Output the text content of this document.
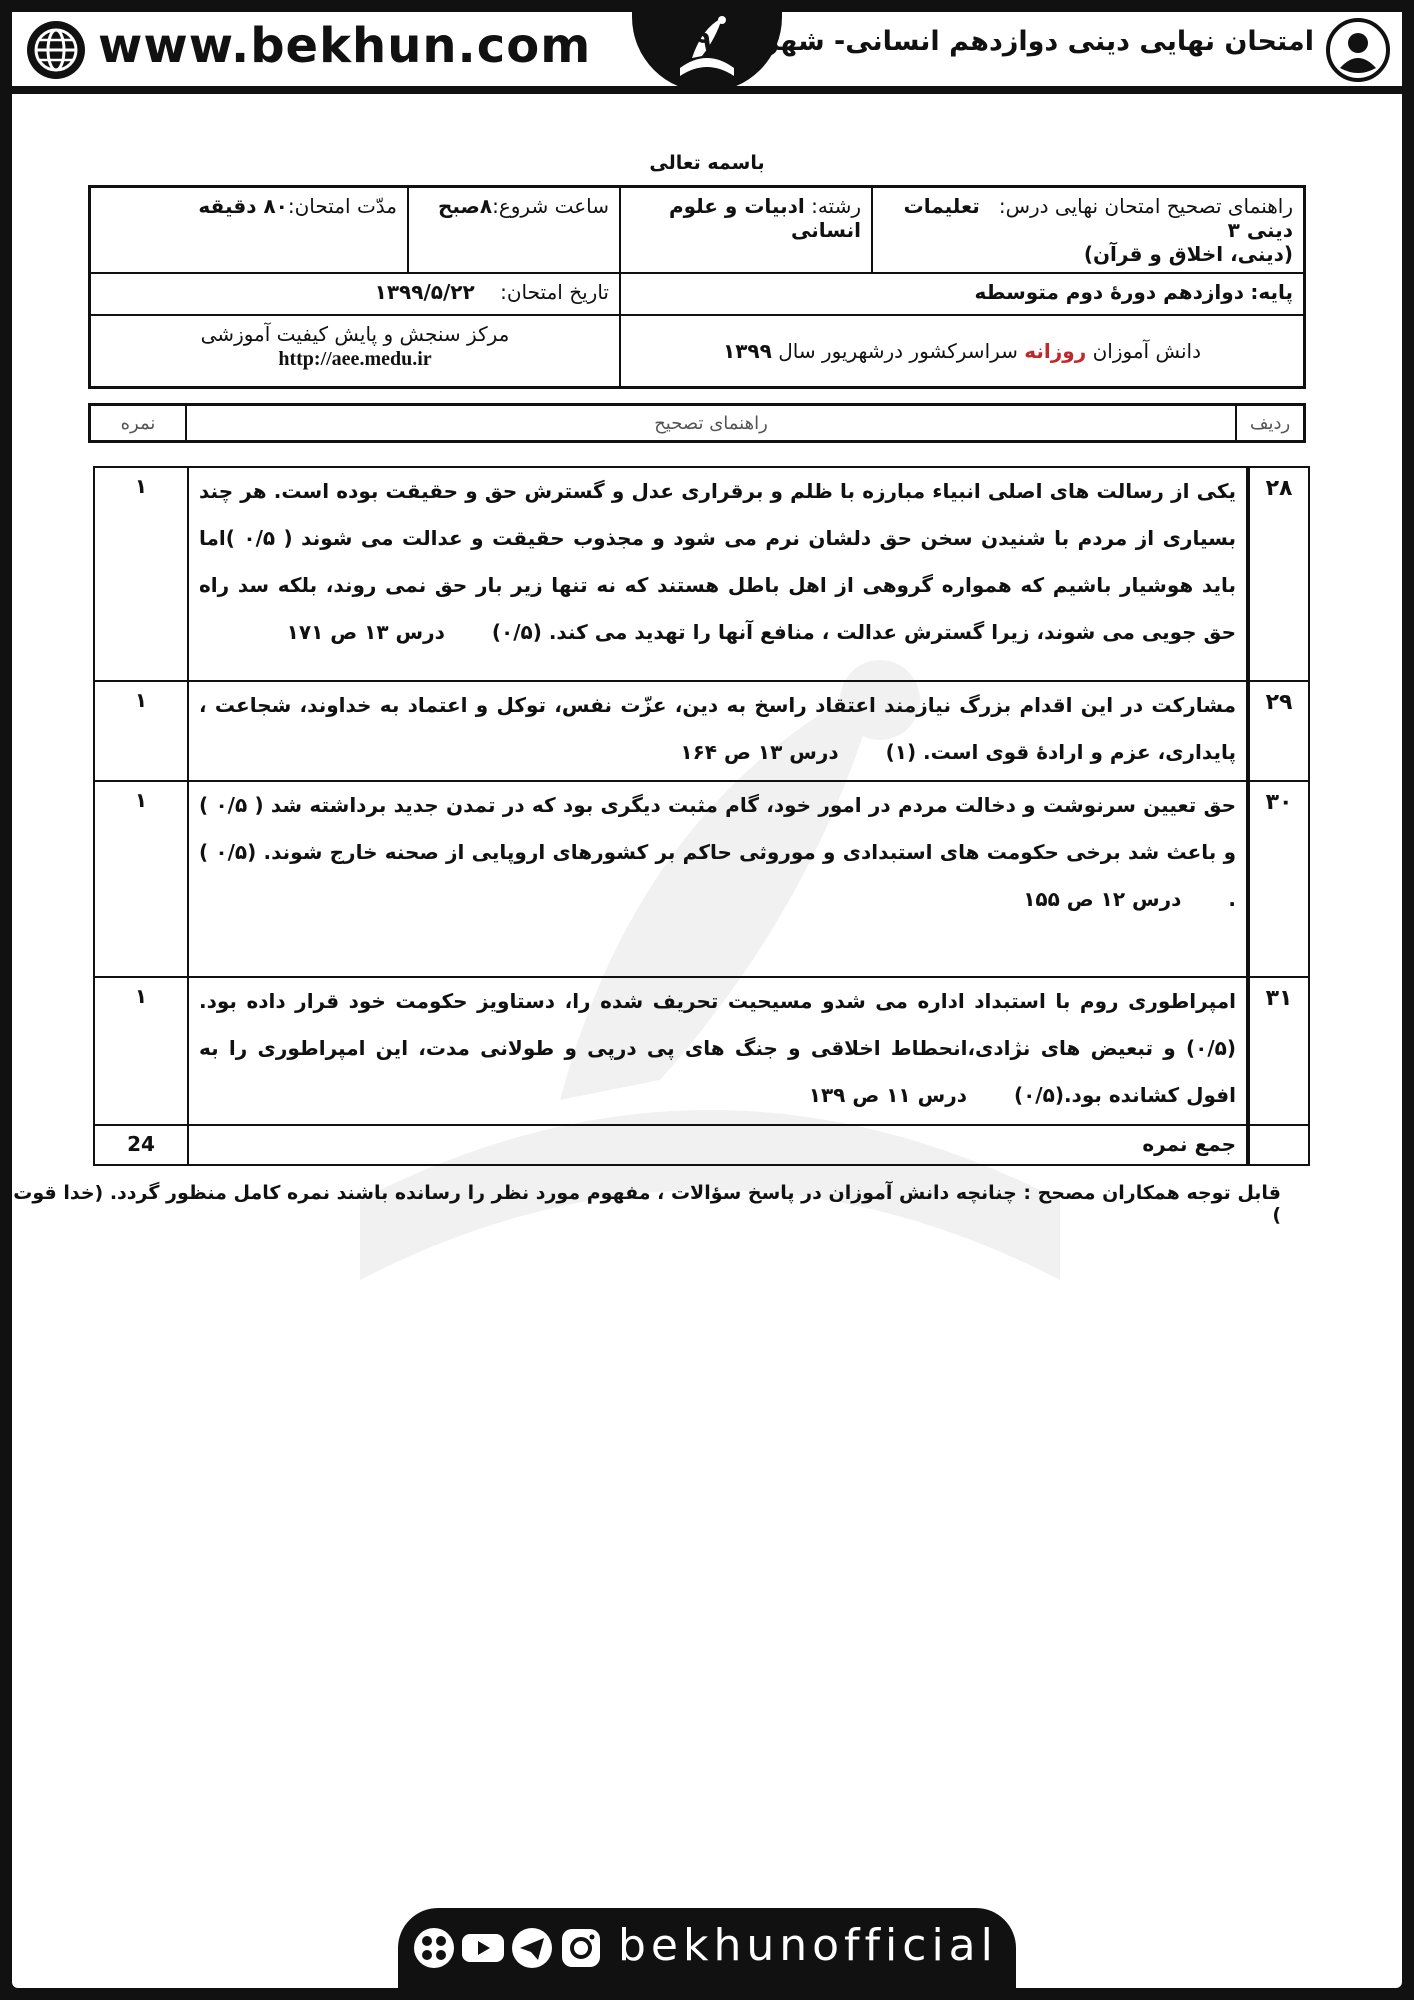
www.bekhun.com امتحان نهایی دینی دوازدهم انسانی- شهریور ۱۳۹۹
باسمه تعالی
راهنمای تصحیح امتحان نهایی درس:   تعلیمات دینی ۳
(دینی، اخلاق و قرآن)	رشته: ادبیات و علوم انسانی	ساعت شروع:۸صبح	مدّت امتحان:۸۰ دقیقه
پایه: دوازدهم دورهٔ دوم متوسطه		تاریخ امتحان:    ۱۳۹۹/۵/۲۲	
دانش آموزان روزانه سراسرکشور درشهریور سال ۱۳۹۹		مرکز سنجش و پایش کیفیت آموزشی
http://aee.medu.ir	
ردیف	راهنمای تصحیح	نمره
۲۸	یکی از رسالت های اصلی انبیاء مبارزه با ظلم و برقراری عدل و گسترش حق و حقیقت بوده است. هر چند بسیاری از مردم با شنیدن سخن حق دلشان نرم می شود و مجذوب حقیقت و عدالت می شوند ( ۰/۵ )اما باید هوشیار باشیم که همواره گروهی از اهل باطل هستند که نه تنها زیر بار حق نمی روند، بلکه سد راه حق جویی می شوند، زیرا گسترش عدالت ، منافع آنها را تهدید می کند. (۰/۵) درس ۱۳ ص ۱۷۱	۱
۲۹	مشارکت در این اقدام بزرگ نیازمند اعتقاد راسخ به دین، عزّت نفس، توکل و اعتماد به خداوند، شجاعت ، پایداری، عزم و ارادهٔ قوی است. (۱) درس ۱۳ ص ۱۶۴	۱
۳۰	حق تعیین سرنوشت و دخالت مردم در امور خود، گام مثبت دیگری بود که در تمدن جدید برداشته شد ( ۰/۵ ) و باعث شد برخی حکومت های استبدادی و موروثی حاکم بر کشورهای اروپایی از صحنه خارج شوند. (۰/۵ ) . درس ۱۲ ص ۱۵۵	۱
۳۱	امپراطوری روم با استبداد اداره می شدو مسیحیت تحریف شده را، دستاویز حکومت خود قرار داده بود. (۰/۵) و تبعیض های نژادی،انحطاط اخلاقی و جنگ های پی درپی و طولانی مدت، این امپراطوری را به افول کشانده بود.(۰/۵) درس ۱۱ ص ۱۳۹	۱
	جمع نمره	24
قابل توجه همکاران مصحح : چنانچه دانش آموزان در پاسخ سؤالات ، مفهوم مورد نظر را رسانده باشند نمره کامل منظور گردد. (خدا قوت )
bekhunofficial
